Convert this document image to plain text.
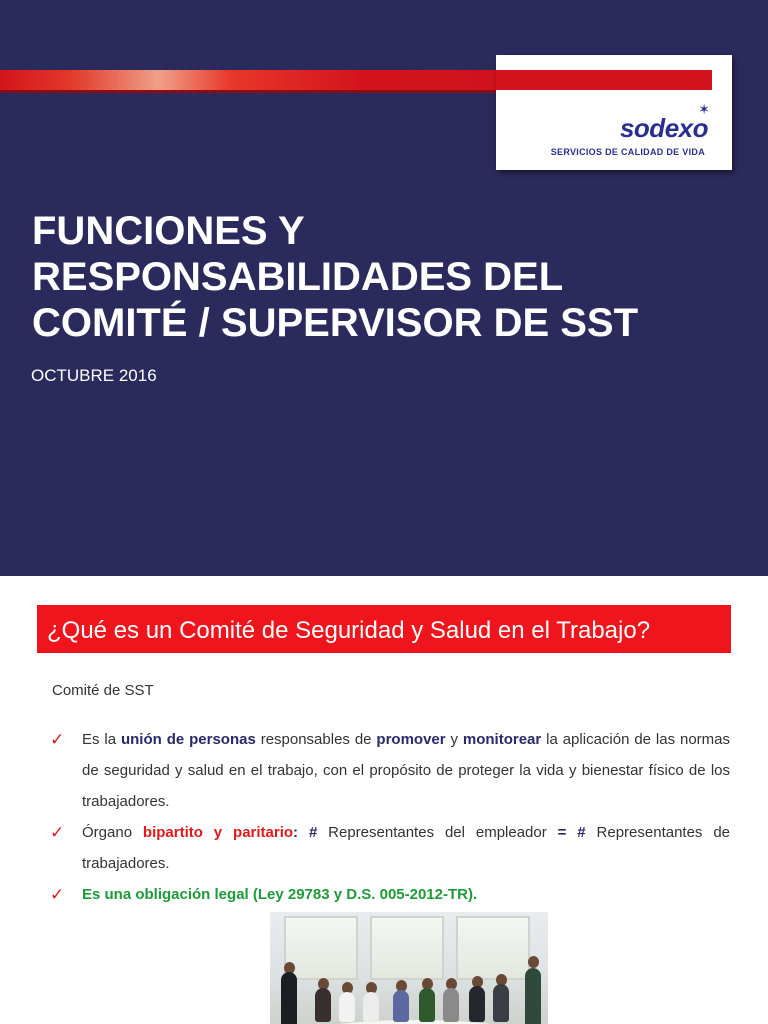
✶
sodexo
SERVICIOS DE CALIDAD DE VIDA
FUNCIONES Y
RESPONSABILIDADES DEL
COMITÉ / SUPERVISOR DE SST
OCTUBRE 2016
¿Qué es un Comité de Seguridad y Salud en el Trabajo?
Comité de SST
✓ Es la unión de personas responsables de promover y monitorear la aplicación de las normas de seguridad y salud en el trabajo, con el propósito de proteger la vida y bienestar físico de los trabajadores.
✓ Órgano bipartito y paritario: # Representantes del empleador = # Representantes de trabajadores.
✓ Es una obligación legal (Ley 29783 y D.S. 005-2012-TR).
